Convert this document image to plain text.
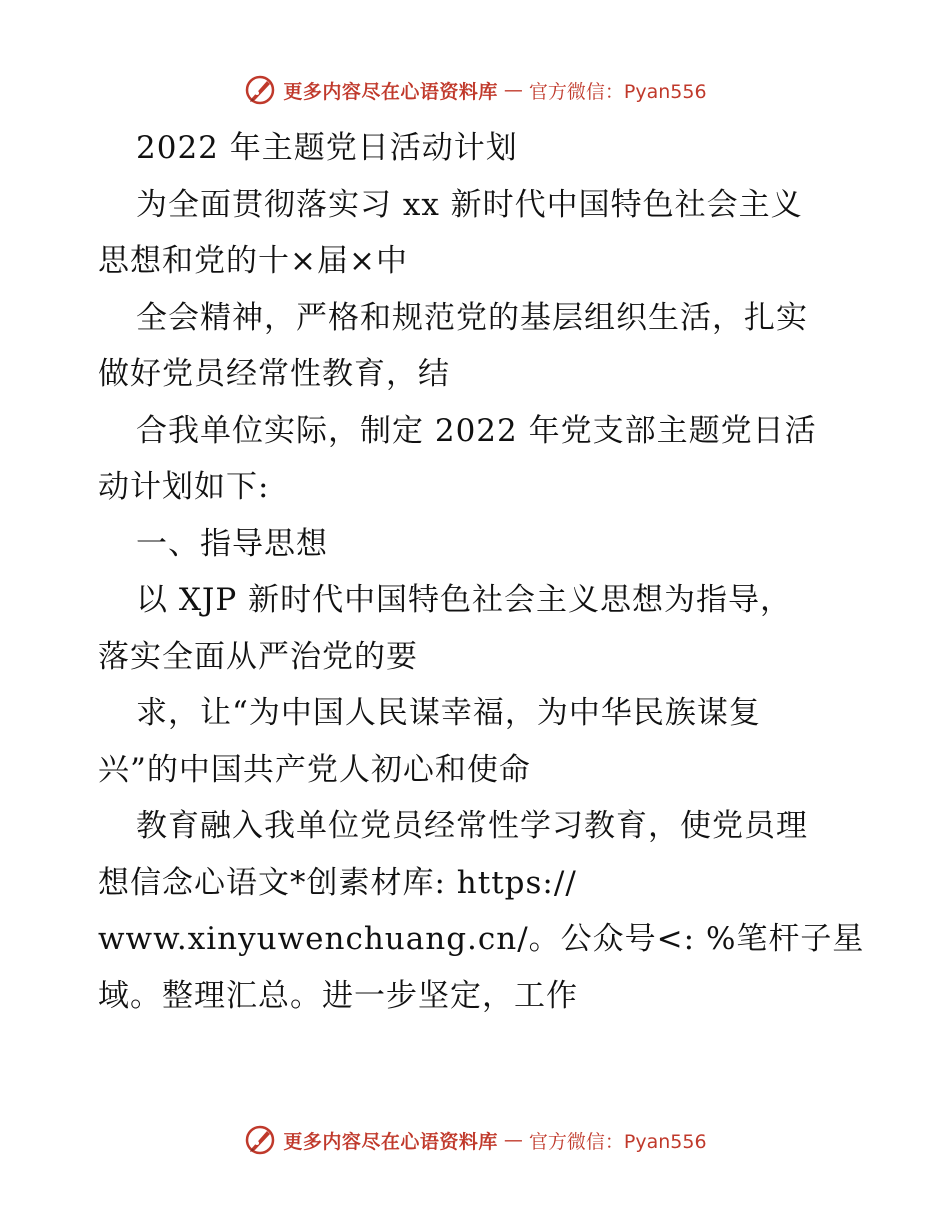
更多内容尽在心语资料库 — 官方微信：Pyan556
2022 年主题党日活动计划
为全面贯彻落实习 xx 新时代中国特色社会主义
思想和党的十×届×中
全会精神，严格和规范党的基层组织生活，扎实
做好党员经常性教育，结
合我单位实际，制定 2022 年党支部主题党日活
动计划如下:
一、指导思想
以 XJP 新时代中国特色社会主义思想为指导，
落实全面从严治党的要
求，让“为中国人民谋幸福，为中华民族谋复
兴”的中国共产党人初心和使命
教育融入我单位党员经常性学习教育，使党员理
想信念心语文*创素材库: https://
www.xinyuwenchuang.cn/。公众号<: %笔杆子星
域。整理汇总。进一步坚定，工作
更多内容尽在心语资料库 — 官方微信：Pyan556
